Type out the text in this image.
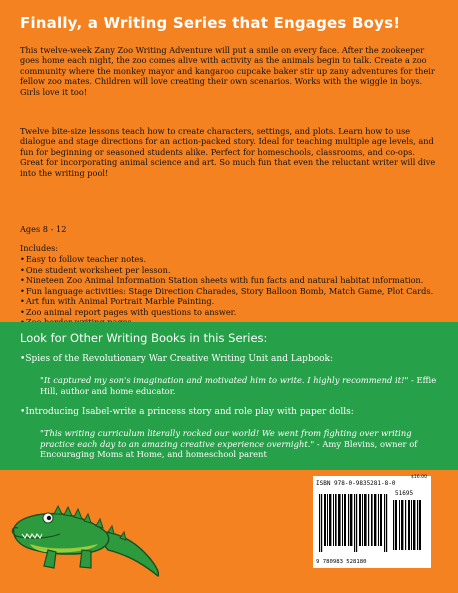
Finally, a Writing Series that Engages Boys!
This twelve-week Zany Zoo Writing Adventure will put a smile on every face. After the zookeeper goes home each night, the zoo comes alive with activity as the animals begin to talk. Create a zoo community where the monkey mayor and kangaroo cupcake baker stir up zany adventures for their fellow zoo mates. Children will love creating their own scenarios. Works with the wiggle in boys. Girls love it too!
Twelve bite-size lessons teach how to create characters, settings, and plots. Learn how to use dialogue and stage directions for an action-packed story. Ideal for teaching multiple age levels, and fun for beginning or seasoned students alike. Perfect for homeschools, classrooms, and co-ops. Great for incorporating animal science and art. So much fun that even the reluctant writer will dive into the writing pool!
Ages 8 - 12
Includes:
• Easy to follow teacher notes.
• One student worksheet per lesson.
• Nineteen Zoo Animal Information Station sheets with fun facts and natural habitat information.
• Fun language activities: Stage Direction Charades, Story Balloon Bomb, Match Game, Plot Cards.
• Art fun with Animal Portrait Marble Painting.
• Zoo animal report pages with questions to answer.
•
Look for Other Writing Books in this Series:
• Spies of the Revolutionary War Creative Writing Unit and Lapbook:
"It captured my son's imagination and motivated him to write. I highly recommend it!" - Effie Hill, author and home educator.
• Introducing Isabel-write a princess story and role play with paper dolls:
"This writing curriculum literally rocked our world! We went from fighting over writing practice each day to an amazing creative experience overnight." - Amy Blevins, owner of Encouraging Moms at Home, and homeschool parent
$16.00
ISBN 978-0-9835281-8-0
51695
9 780983 528180
